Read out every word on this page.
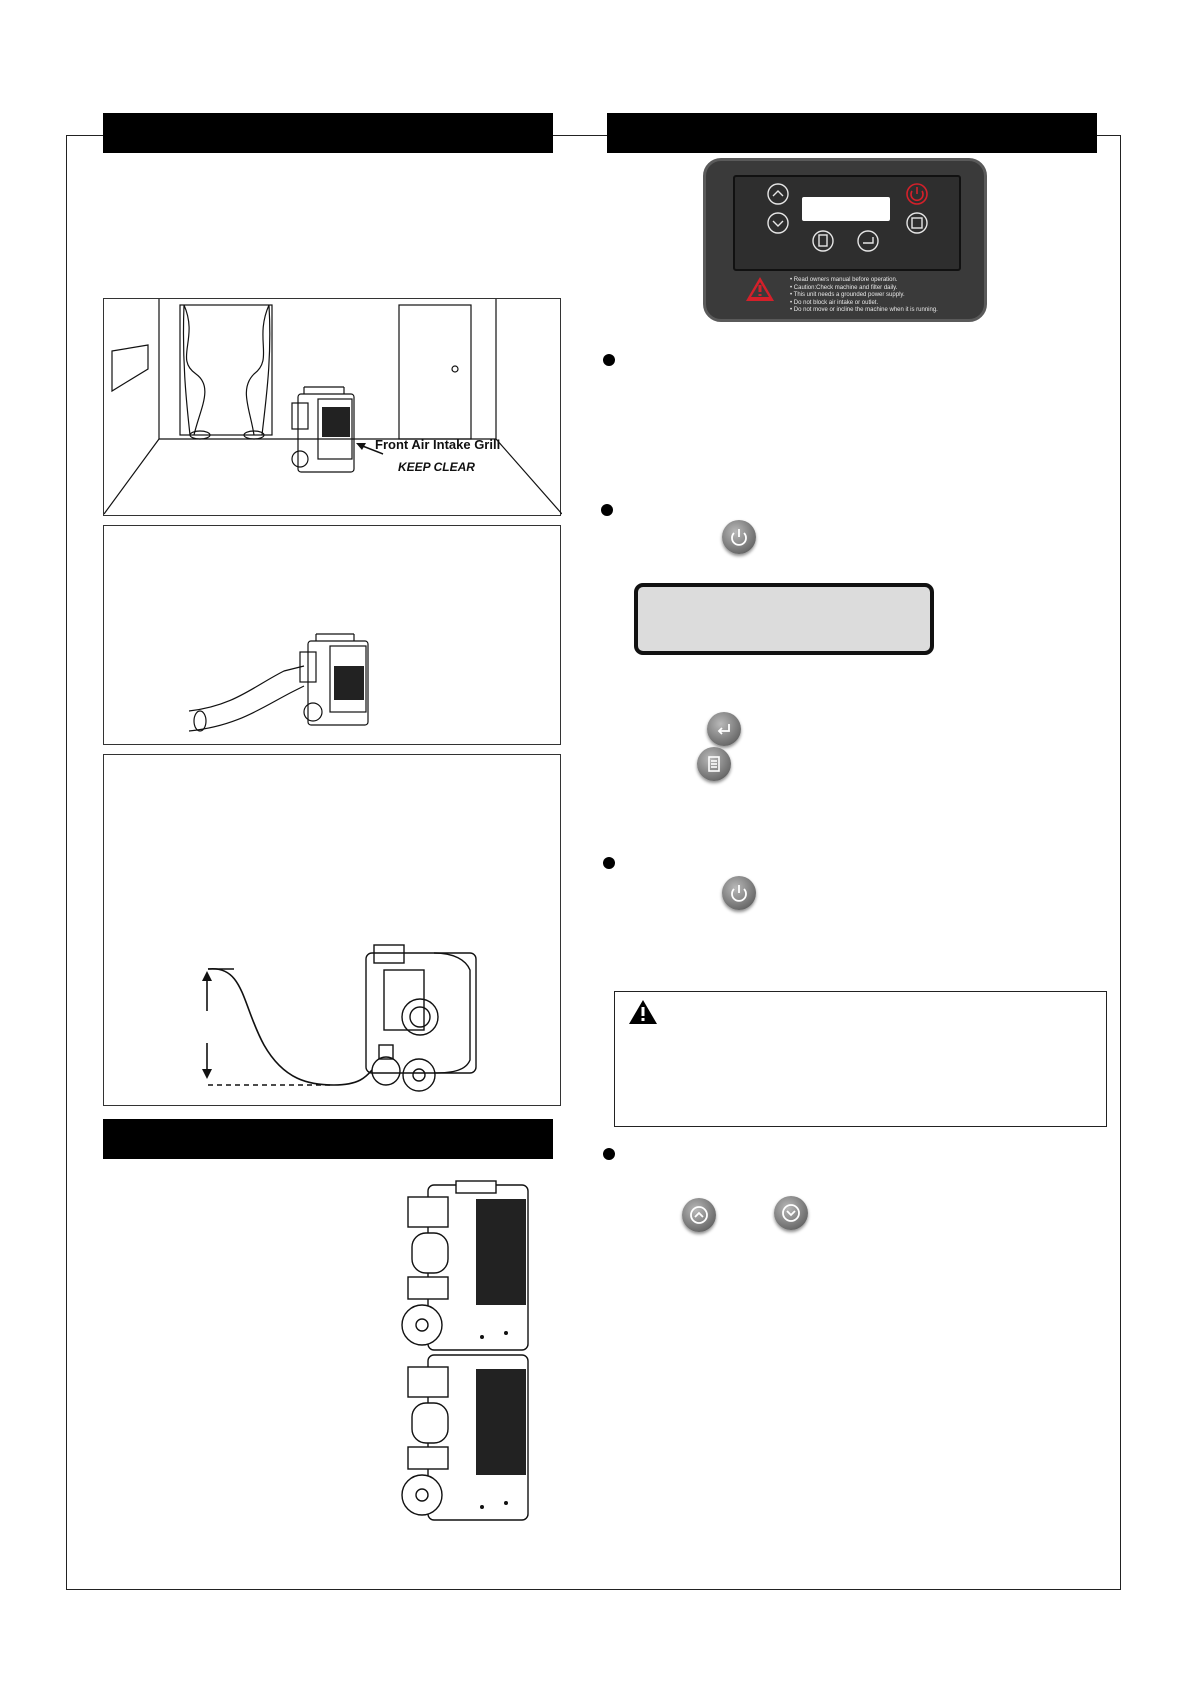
Front Air Intake Grill
KEEP CLEAR
• Read owners manual before operation.
• Caution:Check machine and filter daily.
• This unit needs a grounded power supply.
• Do not block air intake or outlet.
• Do not move or incline the machine when it is running.
